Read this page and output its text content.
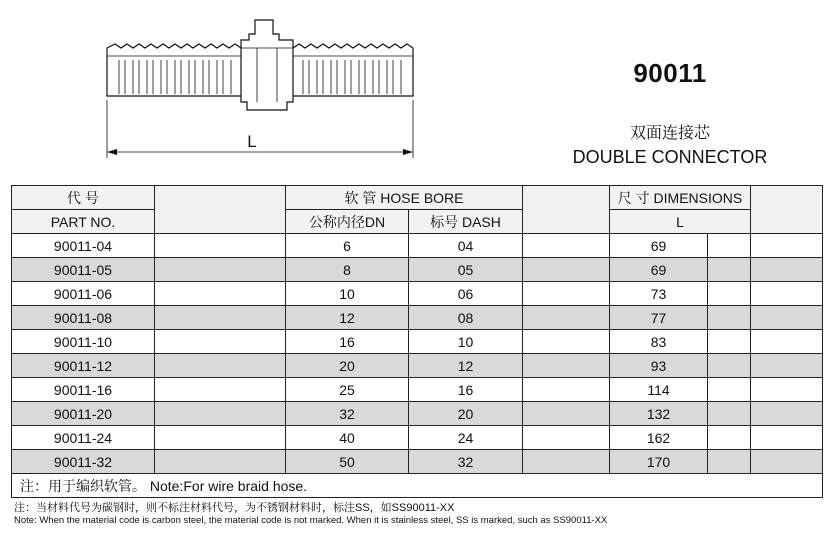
L
90011
双面连接芯
DOUBLE CONNECTOR
代 号		软 管 HOSE BORE			尺 寸 DIMENSIONS		
PART NO.		公称内径DN	标号 DASH		L		
90011-04		6	04		69		
90011-05		8	05		69		
90011-06		10	06		73		
90011-08		12	08		77		
90011-10		16	10		83		
90011-12		20	12		93		
90011-16		25	16		114		
90011-20		32	20		132		
90011-24		40	24		162		
90011-32		50	32		170		
注：用于编织软管。 Note:For wire braid hose.							
注：当材料代号为碳钢时，则不标注材料代号，为不锈钢材料时，标注SS，如SS90011-XX
Note: When the material code is carbon steel, the material code is not marked. When it is stainless steel, SS is marked, such as SS90011-XX
